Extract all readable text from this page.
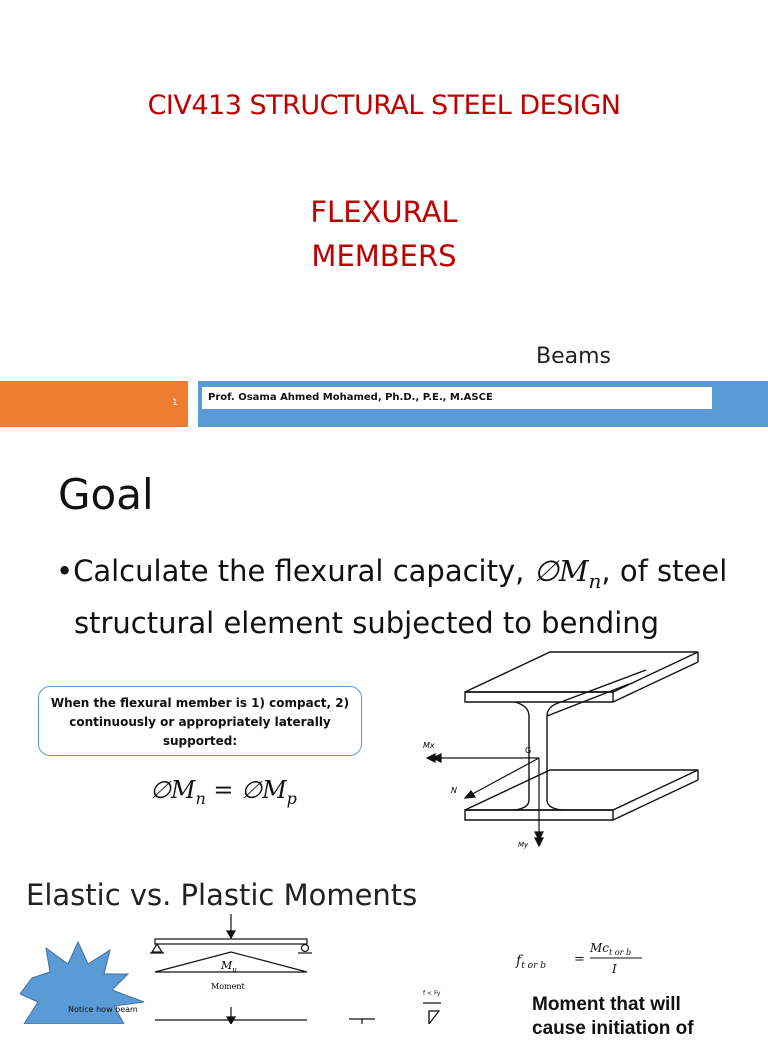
CIV413 STRUCTURAL STEEL DESIGN
FLEXURAL
MEMBERS
Beams
1	Prof. Osama Ahmed Mohamed, Ph.D., P.E., M.ASCE
Goal
•Calculate the flexural capacity, $\emptyset M_n$, of steel structural element subjected to bending
When the flexural member is 1) compact, 2) continuously or appropriately laterally supported:
$\emptyset M_n$ = $\emptyset M_p$
Mx
G
N
My
Elastic vs. Plastic Moments
$M_u$
Moment
Notice how beam
$f_{t or b}$ =
$Mc_{t or b}$
I
f < Fy
Moment that will
cause initiation of
